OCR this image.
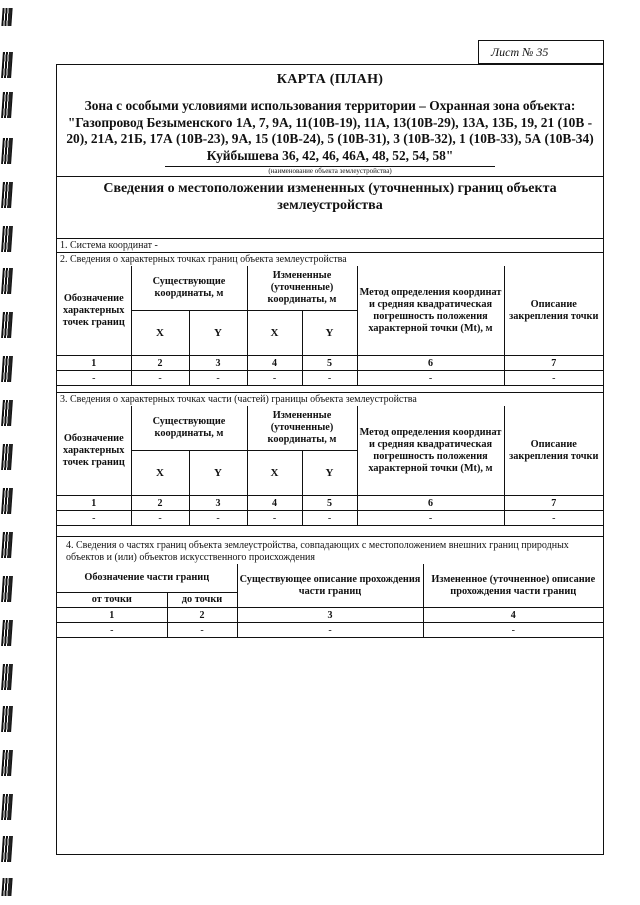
Лист № 35
КАРТА (ПЛАН)
Зона с особыми условиями использования территории – Охранная зона объекта: "Газопровод Безыменского 1А, 7, 9А, 11(10В-19), 11А, 13(10В-29), 13А, 13Б, 19, 21 (10В - 20), 21А, 21Б, 17А (10В-23), 9А, 15 (10В-24), 5 (10В-31), 3 (10В-32), 1 (10В-33), 5А (10В-34) Куйбышева 36, 42, 46, 46А, 48, 52, 54, 58"
(наименование объекта землеустройства)
Сведения о местоположении измененных (уточненных) границ объекта землеустройства
1. Система координат -
2. Сведения о характерных точках границ объекта землеустройства
Обозначение характерных точек границ	Существующие координаты, м		Измененные (уточненные) координаты, м		Метод определения координат и средняя квадратическая погрешность положения характерной точки (Mt), м	Описание закрепления точки
	X	Y	X	Y		
1	2	3	4	5	6	7
-	-	-	-	-	-	-
3. Сведения о характерных точках части (частей) границы объекта землеустройства
Обозначение характерных точек границ	Существующие координаты, м		Измененные (уточненные) координаты, м		Метод определения координат и средняя квадратическая погрешность положения характерной точки (Mt), м	Описание закрепления точки
	X	Y	X	Y		
1	2	3	4	5	6	7
-	-	-	-	-	-	-
4. Сведения о частях границ объекта землеустройства, совпадающих с местоположением внешних границ природных объектов и (или) объектов искусственного происхождения
Обозначение части границ		Существующее описание прохождения части границ	Измененное (уточненное) описание прохождения части границ
от точки	до точки		
1	2	3	4
-	-	-	-
